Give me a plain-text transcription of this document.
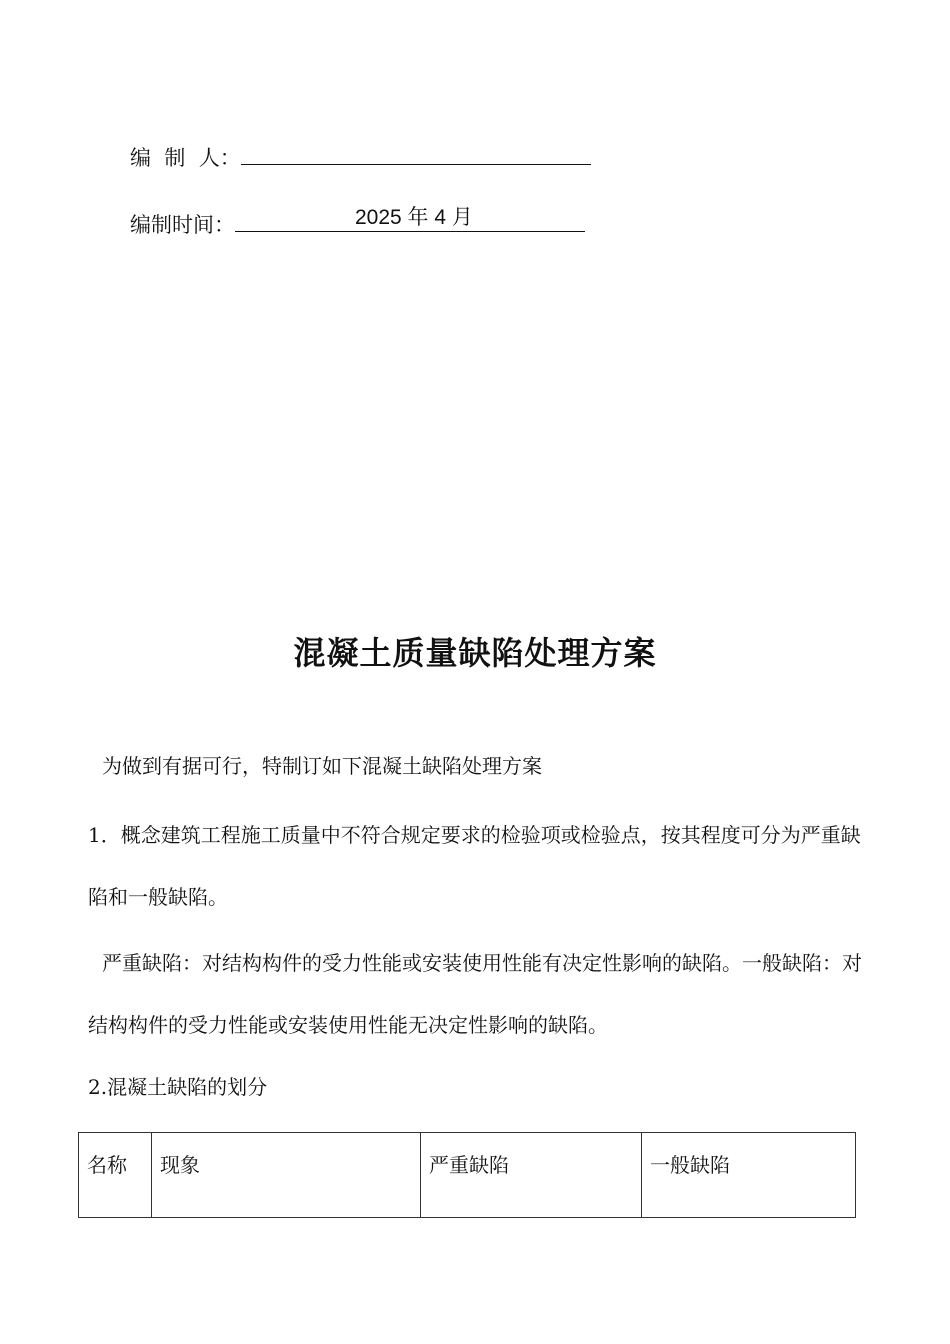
编  制  人：
编制时间：	2025 年 4 月
混凝土质量缺陷处理方案

为做到有据可行，特制订如下混凝土缺陷处理方案

1．概念建筑工程施工质量中不符合规定要求的检验项或检验点，按其程度可分为严重缺陷和一般缺陷。

严重缺陷：对结构构件的受力性能或安装使用性能有决定性影响的缺陷。一般缺陷：对结构构件的受力性能或安装使用性能无决定性影响的缺陷。

2.混凝土缺陷的划分

名称	现象	严重缺陷	一般缺陷
